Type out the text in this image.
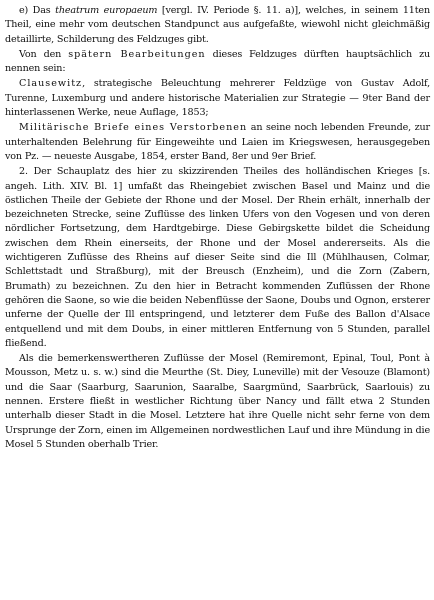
e) Das theatrum europaeum [vergl. IV. Periode §. 11. a)], welches, in seinem 11ten Theil, eine mehr vom deutschen Standpunct aus aufgefaßte, wiewohl nicht gleichmäßig detaillirte, Schilderung des Feldzuges gibt.

Von den spätern Bearbeitungen dieses Feldzuges dürften hauptsächlich zu nennen sein:

Clausewitz, strategische Beleuchtung mehrerer Feldzüge von Gustav Adolf, Turenne, Luxemburg und andere historische Materialien zur Strategie — 9ter Band der hinterlassenen Werke, neue Auflage, 1853;

Militärische Briefe eines Verstorbenen an seine noch lebenden Freunde, zur unterhaltenden Belehrung für Eingeweihte und Laien im Kriegswesen, herausgegeben von Pz. — neueste Ausgabe, 1854, erster Band, 8er und 9er Brief.

2. Der Schauplatz des hier zu skizzirenden Theiles des holländischen Krieges [s. angeh. Lith. XIV. Bl. 1] umfaßt das Rheingebiet zwischen Basel und Mainz und die östlichen Theile der Gebiete der Rhone und der Mosel. Der Rhein erhält, innerhalb der bezeichneten Strecke, seine Zuflüsse des linken Ufers von den Vogesen und von deren nördlicher Fortsetzung, dem Hardtgebirge. Diese Gebirgskette bildet die Scheidung zwischen dem Rhein einerseits, der Rhone und der Mosel andererseits. Als die wichtigeren Zuflüsse des Rheins auf dieser Seite sind die Ill (Mühlhausen, Colmar, Schlettstadt und Straßburg), mit der Breusch (Enzheim), und die Zorn (Zabern, Brumath) zu bezeichnen. Zu den hier in Betracht kommenden Zuflüssen der Rhone gehören die Saone, so wie die beiden Nebenflüsse der Saone, Doubs und Ognon, ersterer unferne der Quelle der Ill entspringend, und letzterer dem Fuße des Ballon d'Alsace entquellend und mit dem Doubs, in einer mittleren Entfernung von 5 Stunden, parallel fließend.

Als die bemerkenswertheren Zuflüsse der Mosel (Remiremont, Epinal, Toul, Pont à Mousson, Metz u. s. w.) sind die Meurthe (St. Diey, Luneville) mit der Vesouze (Blamont) und die Saar (Saarburg, Saarunion, Saaralbe, Saargmünd, Saarbrück, Saarlouis) zu nennen. Erstere fließt in westlicher Richtung über Nancy und fällt etwa 2 Stunden unterhalb dieser Stadt in die Mosel. Letztere hat ihre Quelle nicht sehr ferne von dem Ursprunge der Zorn, einen im Allgemeinen nordwestlichen Lauf und ihre Mündung in die Mosel 5 Stunden oberhalb Trier.
